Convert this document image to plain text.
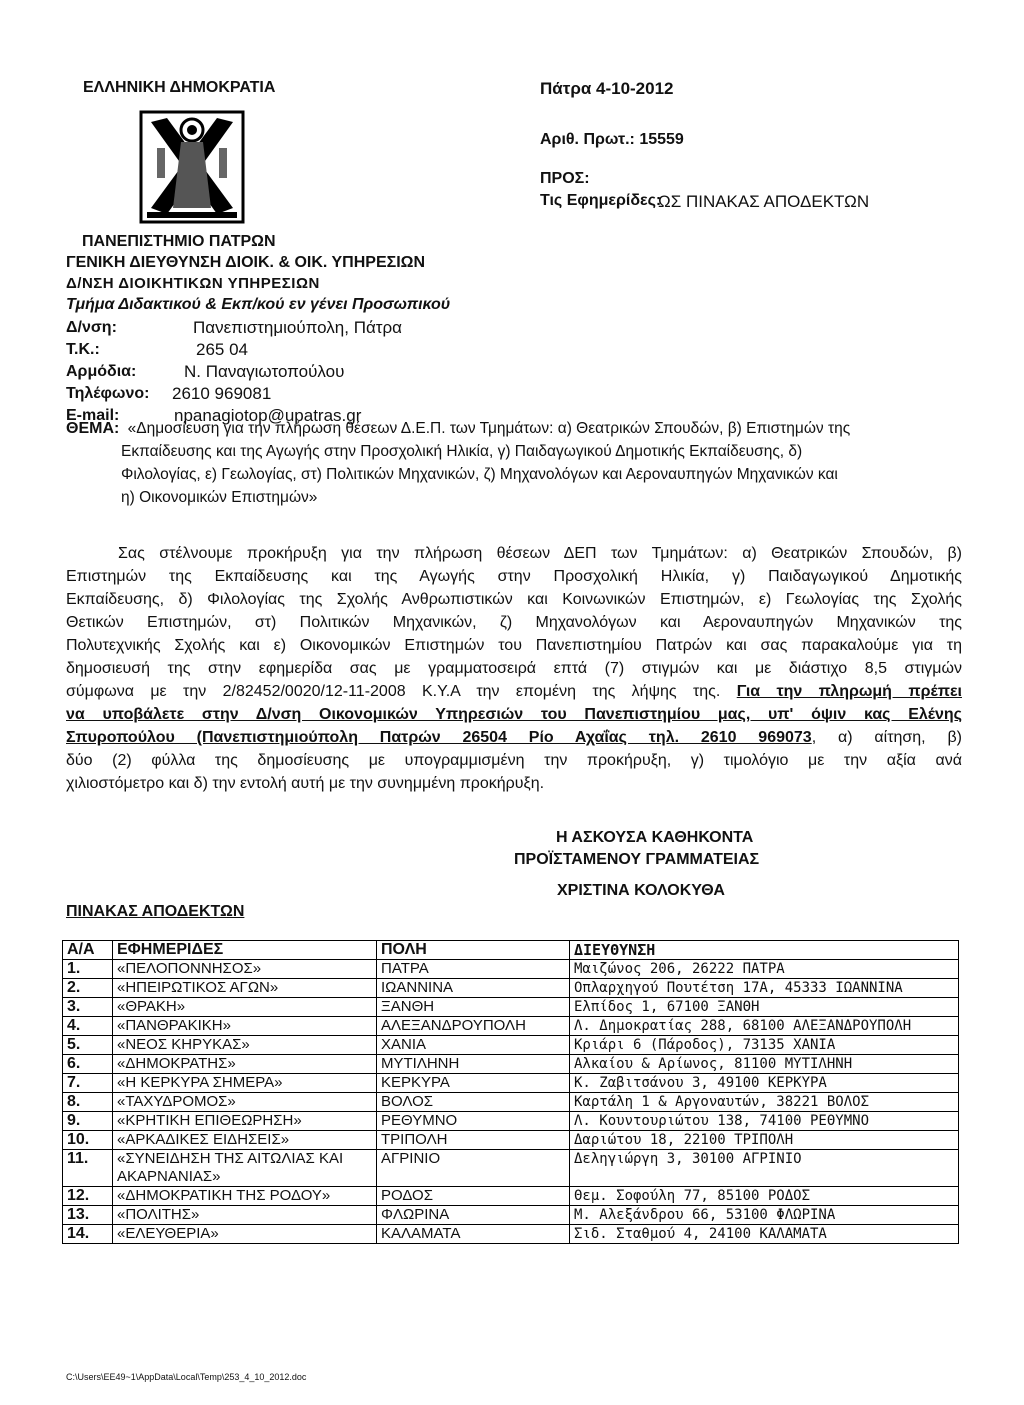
ΕΛΛΗΝΙΚΗ ΔΗΜΟΚΡΑΤΙΑ
ΠΑΝΕΠΙΣΤΗΜΙΟ ΠΑΤΡΩΝ
ΓΕΝΙΚΗ ΔΙΕΥΘΥΝΣΗ ΔΙΟΙΚ. & ΟΙΚ. ΥΠΗΡΕΣΙΩΝ
Δ/ΝΣΗ ΔΙΟΙΚΗΤΙΚΩΝ ΥΠΗΡΕΣΙΩΝ
Τμήμα Διδακτικού & Εκπ/κού εν γένει Προσωπικού
Δ/νση:	Πανεπιστημιούπολη, Πάτρα
Τ.Κ.:	265 04
Αρμόδια:	Ν. Παναγιωτοπούλου
Τηλέφωνο: 2610 969081
E-mail:	npanagiotop@upatras.gr
Πάτρα 4-10-2012
Αριθ. Πρωτ.: 15559
ΠΡΟΣ:
Τις Εφημερίδες:
ΩΣ ΠΙΝΑΚΑΣ ΑΠΟΔΕΚΤΩΝ
ΘΕΜΑ: «Δημοσίευση για την πλήρωση θέσεων Δ.Ε.Π. των Τμημάτων: α) Θεατρικών Σπουδών, β) Επιστημών της
Εκπαίδευσης και της Αγωγής στην Προσχολική Ηλικία, γ) Παιδαγωγικού Δημοτικής Εκπαίδευσης, δ)
Φιλολογίας, ε) Γεωλογίας, στ) Πολιτικών Μηχανικών, ζ) Μηχανολόγων και Αεροναυπηγών Μηχανικών και
η) Οικονομικών Επιστημών»
Σας στέλνουμε προκήρυξη για την πλήρωση θέσεων ΔΕΠ των Τμημάτων: α) Θεατρικών Σπουδών, β)
Επιστημών της Εκπαίδευσης και της Αγωγής στην Προσχολική Ηλικία, γ) Παιδαγωγικού Δημοτικής
Εκπαίδευσης, δ) Φιλολογίας της Σχολής Ανθρωπιστικών και Κοινωνικών Επιστημών, ε) Γεωλογίας της Σχολής
Θετικών Επιστημών, στ) Πολιτικών Μηχανικών, ζ) Μηχανολόγων και Αεροναυπηγών Μηχανικών της
Πολυτεχνικής Σχολής και ε) Οικονομικών Επιστημών του Πανεπιστημίου Πατρών και σας παρακαλούμε για τη
δημοσιευσή της στην εφημερίδα σας με γραμματοσειρά επτά (7) στιγμών και με διάστιχο 8,5 στιγμών
σύμφωνα με την 2/82452/0020/12-11-2008 Κ.Υ.Α την επομένη της λήψης της. Για την πληρωμή πρέπει
να υποβάλετε στην Δ/νση Οικονομικών Υπηρεσιών του Πανεπιστημίου μας, υπ' όψιν κας Ελένης
Σπυροπούλου (Πανεπιστημιούπολη Πατρών 26504 Ρίο Αχαΐας τηλ. 2610 969073, α) αίτηση, β)
δύο (2) φύλλα της δημοσίευσης με υπογραμμισμένη την προκήρυξη, γ) τιμολόγιο με την αξία ανά
χιλιοστόμετρο και δ) την εντολή αυτή με την συνημμένη προκήρυξη.
Η ΑΣΚΟΥΣΑ ΚΑΘΗΚΟΝΤΑ
ΠΡΟΪΣΤΑΜΕΝΟΥ ΓΡΑΜΜΑΤΕΙΑΣ
ΧΡΙΣΤΙΝΑ ΚΟΛΟΚΥΘΑ
ΠΙΝΑΚΑΣ ΑΠΟΔΕΚΤΩΝ
Α/Α	ΕΦΗΜΕΡΙΔΕΣ	ΠΟΛΗ	ΔΙΕΥΘΥΝΣΗ
1.	«ΠΕΛΟΠΟΝΝΗΣΟΣ»	ΠΑΤΡΑ	Μαιζώνος 206, 26222 ΠΑΤΡΑ
2.	«ΗΠΕΙΡΩΤΙΚΟΣ ΑΓΩΝ»	ΙΩΑΝΝΙΝΑ	Οπλαρχηγού Πουτέτση 17Α, 45333 ΙΩΑΝΝΙΝΑ
3.	«ΘΡΑΚΗ»	ΞΑΝΘΗ	Ελπίδος 1, 67100 ΞΑΝΘΗ
4.	«ΠΑΝΘΡΑΚΙΚΗ»	ΑΛΕΞΑΝΔΡΟΥΠΟΛΗ	Λ. Δημοκρατίας 288, 68100 ΑΛΕΞΑΝΔΡΟΥΠΟΛΗ
5.	«ΝΕΟΣ ΚΗΡΥΚΑΣ»	ΧΑΝΙΑ	Κριάρι 6 (Πάροδος), 73135 ΧΑΝΙΑ
6.	«ΔΗΜΟΚΡΑΤΗΣ»	ΜΥΤΙΛΗΝΗ	Αλκαίου & Αρίωνος, 81100 ΜΥΤΙΛΗΝΗ
7.	«Η ΚΕΡΚΥΡΑ ΣΗΜΕΡΑ»	ΚΕΡΚΥΡΑ	Κ. Ζαβιτσάνου 3, 49100 ΚΕΡΚΥΡΑ
8.	«ΤΑΧΥΔΡΟΜΟΣ»	ΒΟΛΟΣ	Καρτάλη 1 & Αργοναυτών, 38221 ΒΟΛΟΣ
9.	«ΚΡΗΤΙΚΗ ΕΠΙΘΕΩΡΗΣΗ»	ΡΕΘΥΜΝΟ	Λ. Κουντουριώτου 138, 74100 ΡΕΘΥΜΝΟ
10.	«ΑΡΚΑΔΙΚΕΣ ΕΙΔΗΣΕΙΣ»	ΤΡΙΠΟΛΗ	Δαριώτου 18, 22100 ΤΡΙΠΟΛΗ
11.	«ΣΥΝΕΙΔΗΣΗ ΤΗΣ ΑΙΤΩΛΙΑΣ ΚΑΙ ΑΚΑΡΝΑΝΙΑΣ»	ΑΓΡΙΝΙΟ	Δεληγιώργη 3, 30100 ΑΓΡΙΝΙΟ
12.	«ΔΗΜΟΚΡΑΤΙΚΗ ΤΗΣ ΡΟΔΟΥ»	ΡΟΔΟΣ	Θεμ. Σοφούλη 77, 85100 ΡΟΔΟΣ
13.	«ΠΟΛΙΤΗΣ»	ΦΛΩΡΙΝΑ	Μ. Αλεξάνδρου 66, 53100 ΦΛΩΡΙΝΑ
14.	«ΕΛΕΥΘΕΡΙΑ»	ΚΑΛΑΜΑΤΑ	Σιδ. Σταθμού 4, 24100 ΚΑΛΑΜΑΤΑ
C:\Users\EE49~1\AppData\Local\Temp\253_4_10_2012.doc
